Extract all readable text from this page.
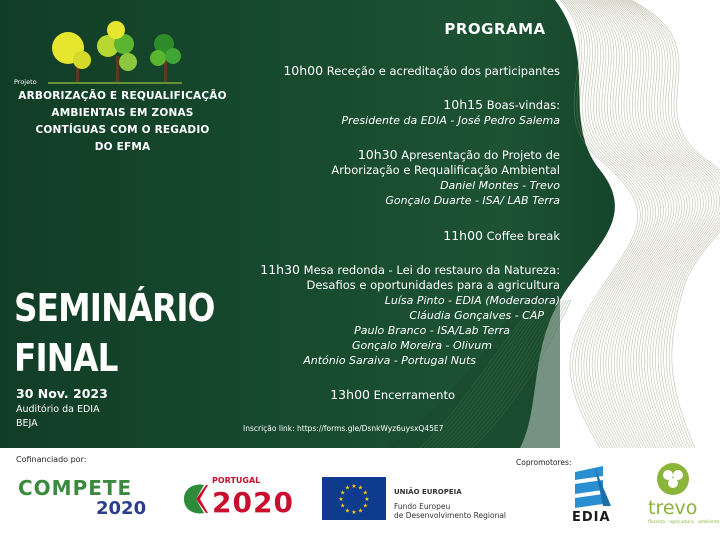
Projeto
ARBORIZAÇÃO E REQUALIFICAÇÃO
AMBIENTAIS EM ZONAS
CONTÍGUAS COM O REGADIO
DO EFMA
SEMINÁRIO
FINAL
30 Nov. 2023
Auditório da EDIA
BEJA
PROGRAMA
10h00 Receção e acreditação dos participantes
10h15 Boas-vindas:
Presidente da EDIA - José Pedro Salema
10h30 Apresentação do Projeto de
Arborização e Requalificação Ambiental
Daniel Montes - Trevo
Gonçalo Duarte - ISA/ LAB Terra
11h00 Coffee break
11h30 Mesa redonda - Lei do restauro da Natureza:
Desafios e oportunidades para a agricultura
Luísa Pinto - EDIA (Moderadora)
Cláudia Gonçalves - CAP
Paulo Branco - ISA/Lab Terra
Gonçalo Moreira - Olivum
António Saraiva - Portugal Nuts
13h00 Encerramento
Inscrição link: https://forms.gle/DsnkWyz6uysxQ45E7
Cofinanciado por:	Copromotores:
COMPETE
2020
PORTUGAL
2020	★
★
★
★
★
★
★
★
★ ★ ★
★	UNIÃO EUROPEIA
Fundo Europeu
de Desenvolvimento Regional	EDIA trevo
floresta · agricultura · ambiente
